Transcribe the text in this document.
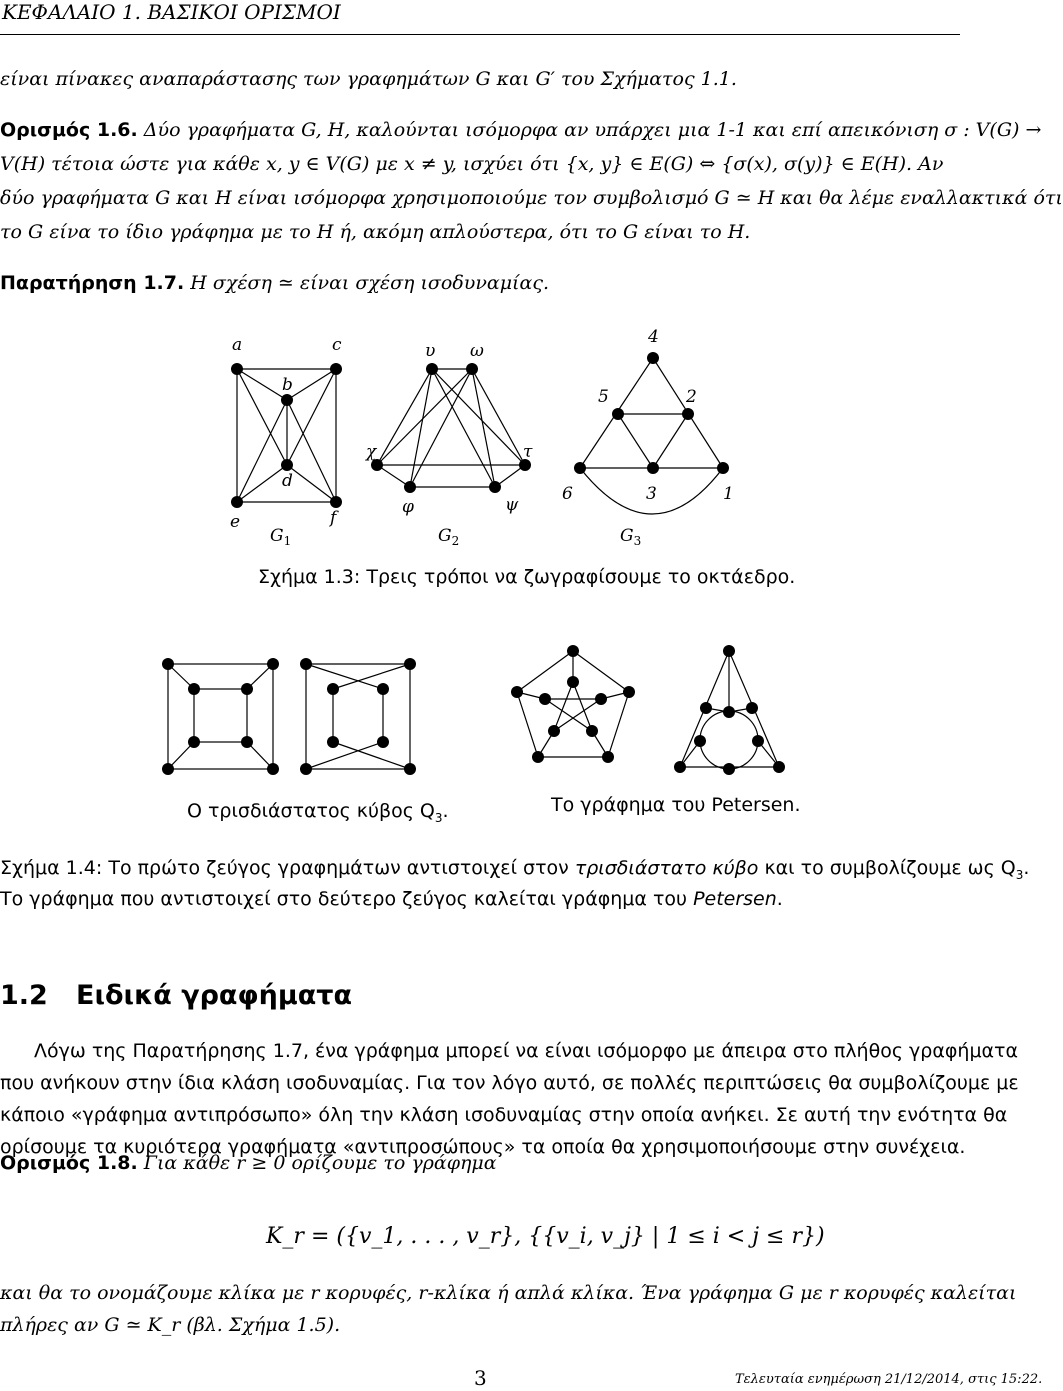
ΚΕΦΑΛΑΙΟ 1. ΒΑΣΙΚΟΙ ΟΡΙΣΜΟΙ
είναι πίνακες αναπαράστασης των γραφημάτων G και G′ του Σχήματος 1.1.
Ορισμός 1.6. Δύο γραφήματα G, H, καλούνται ισόμορφα αν υπάρχει μια 1-1 και επί απεικόνιση σ : V(G) →
V(H) τέτοια ώστε για κάθε x, y ∈ V(G) με x ≠ y, ισχύει ότι {x, y} ∈ E(G) ⇔ {σ(x), σ(y)} ∈ E(H). Αν
δύο γραφήματα G και H είναι ισόμορφα χρησιμοποιούμε τον συμβολισμό G ≃ H και θα λέμε εναλλακτικά ότι
το G είνα το ίδιο γράφημα με το H ή, ακόμη απλούστερα, ότι το G είναι το H.
Παρατήρηση 1.7. Η σχέση ≃ είναι σχέση ισοδυναμίας.
a	c
b
d
e	f
$G_1$
υ ω
χ	τ
φ	ψ
$G_2$
4
5	2
6	3	1
$G_3$
Σχήμα 1.3: Τρεις τρόποι να ζωγραφίσουμε το οκτάεδρο.
Ο τρισδιάστατος κύβος $Q_3$.	Το γράφημα του Petersen.
Σχήμα 1.4: Το πρώτο ζεύγος γραφημάτων αντιστοιχεί στον τρισδιάστατο κύβο και το συμβολίζουμε ως $Q_3$.
Το γράφημα που αντιστοιχεί στο δεύτερο ζεύγος καλείται γράφημα του Petersen.
1.2 Ειδικά γραφήματα
Λόγω της Παρατήρησης 1.7, ένα γράφημα μπορεί να είναι ισόμορφο με άπειρα στο πλήθος γραφήματα
που ανήκουν στην ίδια κλάση ισοδυναμίας. Για τον λόγο αυτό, σε πολλές περιπτώσεις θα συμβολίζουμε με
κάποιο «γράφημα αντιπρόσωπο» όλη την κλάση ισοδυναμίας στην οποία ανήκει. Σε αυτή την ενότητα θα
ορίσουμε τα κυριότερα γραφήματα «αντιπροσώπους» τα οποία θα χρησιμοποιήσουμε στην συνέχεια.
Ορισμός 1.8. Για κάθε r ≥ 0 ορίζουμε το γράφημα
K_r = ({v_1, . . . , v_r}, {{v_i, v_j} | 1 ≤ i < j ≤ r})
και θα το ονομάζουμε κλίκα με r κορυφές, r-κλίκα ή απλά κλίκα. Ένα γράφημα G με r κορυφές καλείται
πλήρες αν G ≃ K_r (βλ. Σχήμα 1.5).
3	Τελευταία ενημέρωση 21/12/2014, στις 15:22.
